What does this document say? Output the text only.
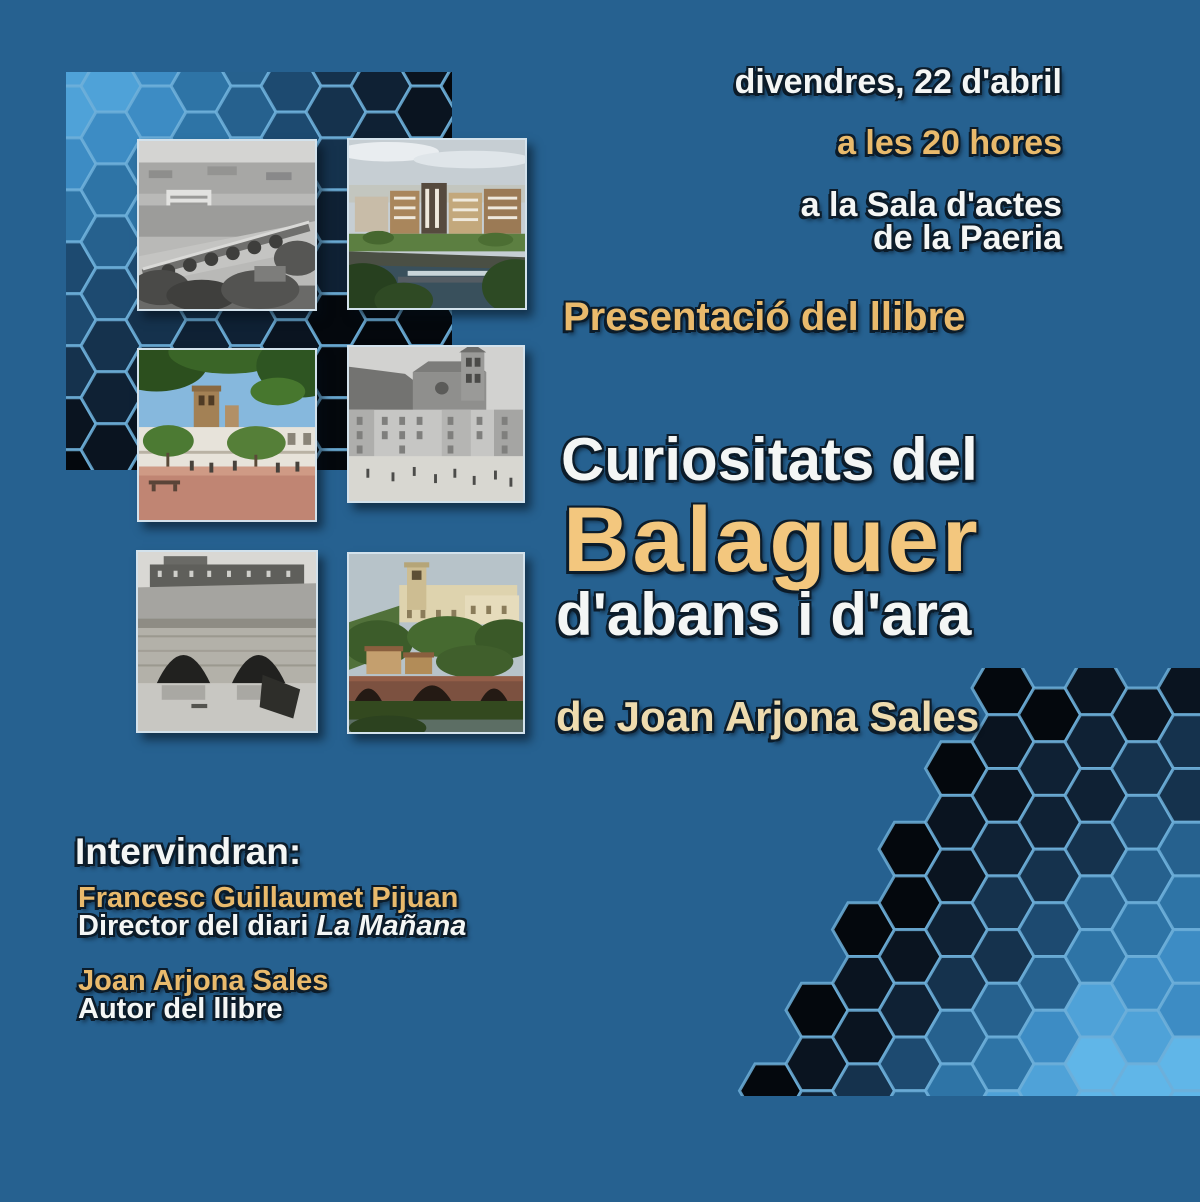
divendres, 22 d'abril
a les 20 hores
a la Sala d'actes
de la Paeria
Presentació del llibre
Curiositats del
Balaguer
d'abans i d'ara
de Joan Arjona Sales
Intervindran:
Francesc Guillaumet Pijuan
Director del diari La Mañana
Joan Arjona Sales
Autor del llibre
